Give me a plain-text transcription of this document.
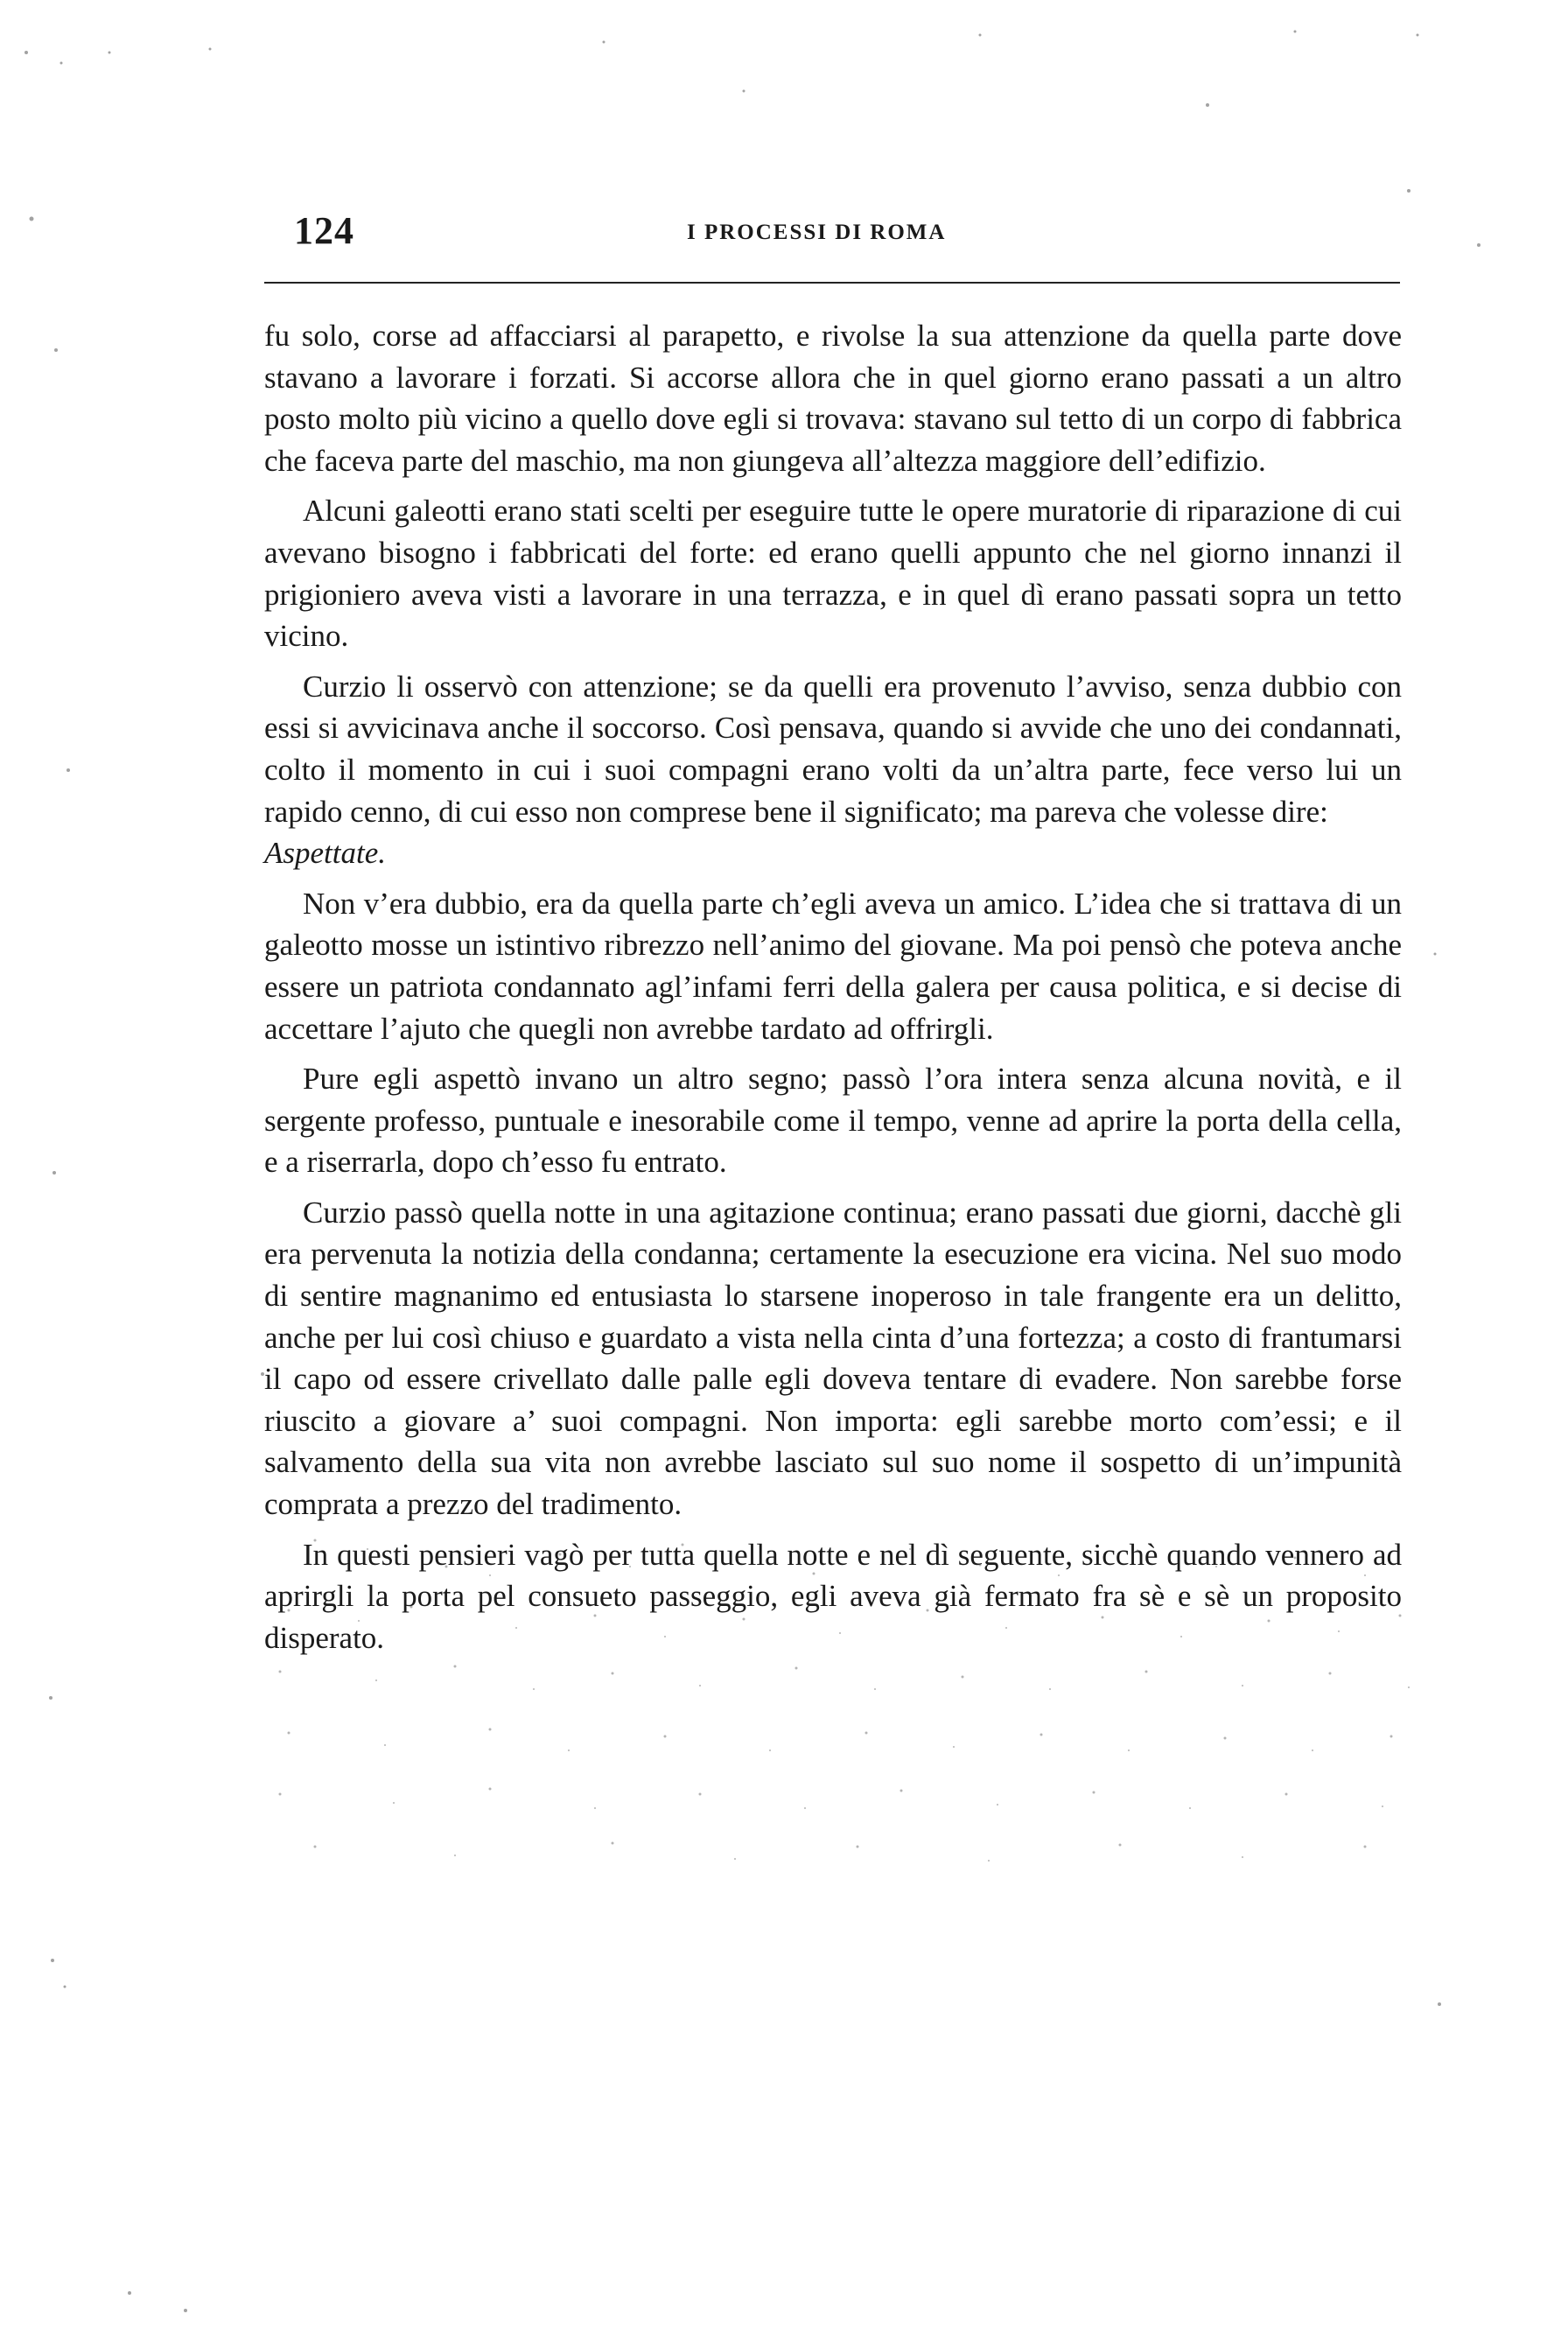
124	I PROCESSI DI ROMA

fu solo, corse ad affacciarsi al parapetto, e rivolse la sua attenzione da quella parte dove stavano a lavorare i forzati. Si accorse allora che in quel giorno erano passati a un altro posto molto più vicino a quello dove egli si trovava: stavano sul tetto di un corpo di fabbrica che faceva parte del maschio, ma non giungeva all’altezza maggiore dell’edifizio.

Alcuni galeotti erano stati scelti per eseguire tutte le opere muratorie di riparazione di cui avevano bisogno i fabbricati del forte: ed erano quelli appunto che nel giorno innanzi il prigioniero aveva visti a lavorare in una terrazza, e in quel dì erano passati sopra un tetto vicino.

Curzio li osservò con attenzione; se da quelli era provenuto l’avviso, senza dubbio con essi si avvicinava anche il soccorso. Così pensava, quando si avvide che uno dei condannati, colto il momento in cui i suoi compagni erano volti da un’altra parte, fece verso lui un rapido cenno, di cui esso non comprese bene il significato; ma pareva che volesse dire:

Aspettate.

Non v’era dubbio, era da quella parte ch’egli aveva un amico. L’idea che si trattava di un galeotto mosse un istintivo ribrezzo nell’animo del giovane. Ma poi pensò che poteva anche essere un patriota condannato agl’infami ferri della galera per causa politica, e si decise di accettare l’ajuto che quegli non avrebbe tardato ad offrirgli.

Pure egli aspettò invano un altro segno; passò l’ora intera senza alcuna novità, e il sergente professo, puntuale e inesorabile come il tempo, venne ad aprire la porta della cella, e a riserrarla, dopo ch’esso fu entrato.

Curzio passò quella notte in una agitazione continua; erano passati due giorni, dacchè gli era pervenuta la notizia della condanna; certamente la esecuzione era vicina. Nel suo modo di sentire magnanimo ed entusiasta lo starsene inoperoso in tale frangente era un delitto, anche per lui così chiuso e guardato a vista nella cinta d’una fortezza; a costo di frantumarsi il capo od essere crivellato dalle palle egli doveva tentare di evadere. Non sarebbe forse riuscito a giovare a’ suoi compagni. Non importa: egli sarebbe morto com’essi; e il salvamento della sua vita non avrebbe lasciato sul suo nome il sospetto di un’impunità comprata a prezzo del tradimento.

In questi pensieri vagò per tutta quella notte e nel dì seguente, sicchè quando vennero ad aprirgli la porta pel consueto passeggio, egli aveva già fermato fra sè e sè un proposito disperato.
